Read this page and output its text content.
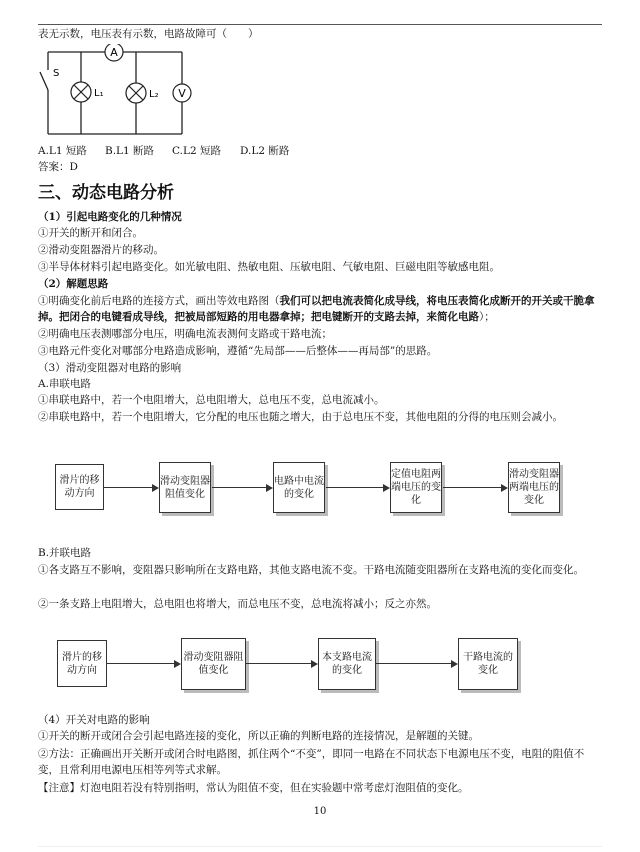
表无示数，电压表有示数，电路故障可（　　）
A
L₁	L₂ V
S
A.L1 短路 B.L1 断路 C.L2 短路 D.L2 断路
答案：D
三、动态电路分析
（1）引起电路变化的几种情况
①开关的断开和闭合。
②滑动变阻器滑片的移动。
③半导体材料引起电路变化。如光敏电阻、热敏电阻、压敏电阻、气敏电阻、巨磁电阻等敏感电阻。
（2）解题思路
①明确变化前后电路的连接方式，画出等效电路图（我们可以把电流表简化成导线，将电压表简化成断开的开关或干脆拿掉。把闭合的电键看成导线，把被局部短路的用电器拿掉；把电键断开的支路去掉，来简化电路）；
②明确电压表测哪部分电压，明确电流表测何支路或干路电流；
③电路元件变化对哪部分电路造成影响，遵循“先局部——后整体——再局部”的思路。
（3）滑动变阻器对电路的影响
A.串联电路
①串联电路中，若一个电阻增大，总电阻增大，总电压不变，总电流减小。
②串联电路中，若一个电阻增大，它分配的电压也随之增大，由于总电压不变，其他电阻的分得的电压则会减小。
滑片的移动方向
滑动变阻器阻值变化
电路中电流的变化
定值电阻两端电压的变化
滑动变阻器两端电压的变化
B.并联电路
①各支路互不影响，变阻器只影响所在支路电路，其他支路电流不变。干路电流随变阻器所在支路电流的变化而变化。
②一条支路上电阻增大，总电阻也将增大，而总电压不变，总电流将减小；反之亦然。
滑片的移动方向
滑动变阻器阻值变化
本支路电流的变化
干路电流的变化
（4）开关对电路的影响
①开关的断开或闭合会引起电路连接的变化，所以正确的判断电路的连接情况，是解题的关键。
②方法：正确画出开关断开或闭合时电路图，抓住两个“不变”，即同一电路在不同状态下电源电压不变，电阻的阻值不变，且常利用电源电压相等列等式求解。
【注意】灯泡电阻若没有特别指明，常认为阻值不变，但在实验题中常考虑灯泡阻值的变化。
10
